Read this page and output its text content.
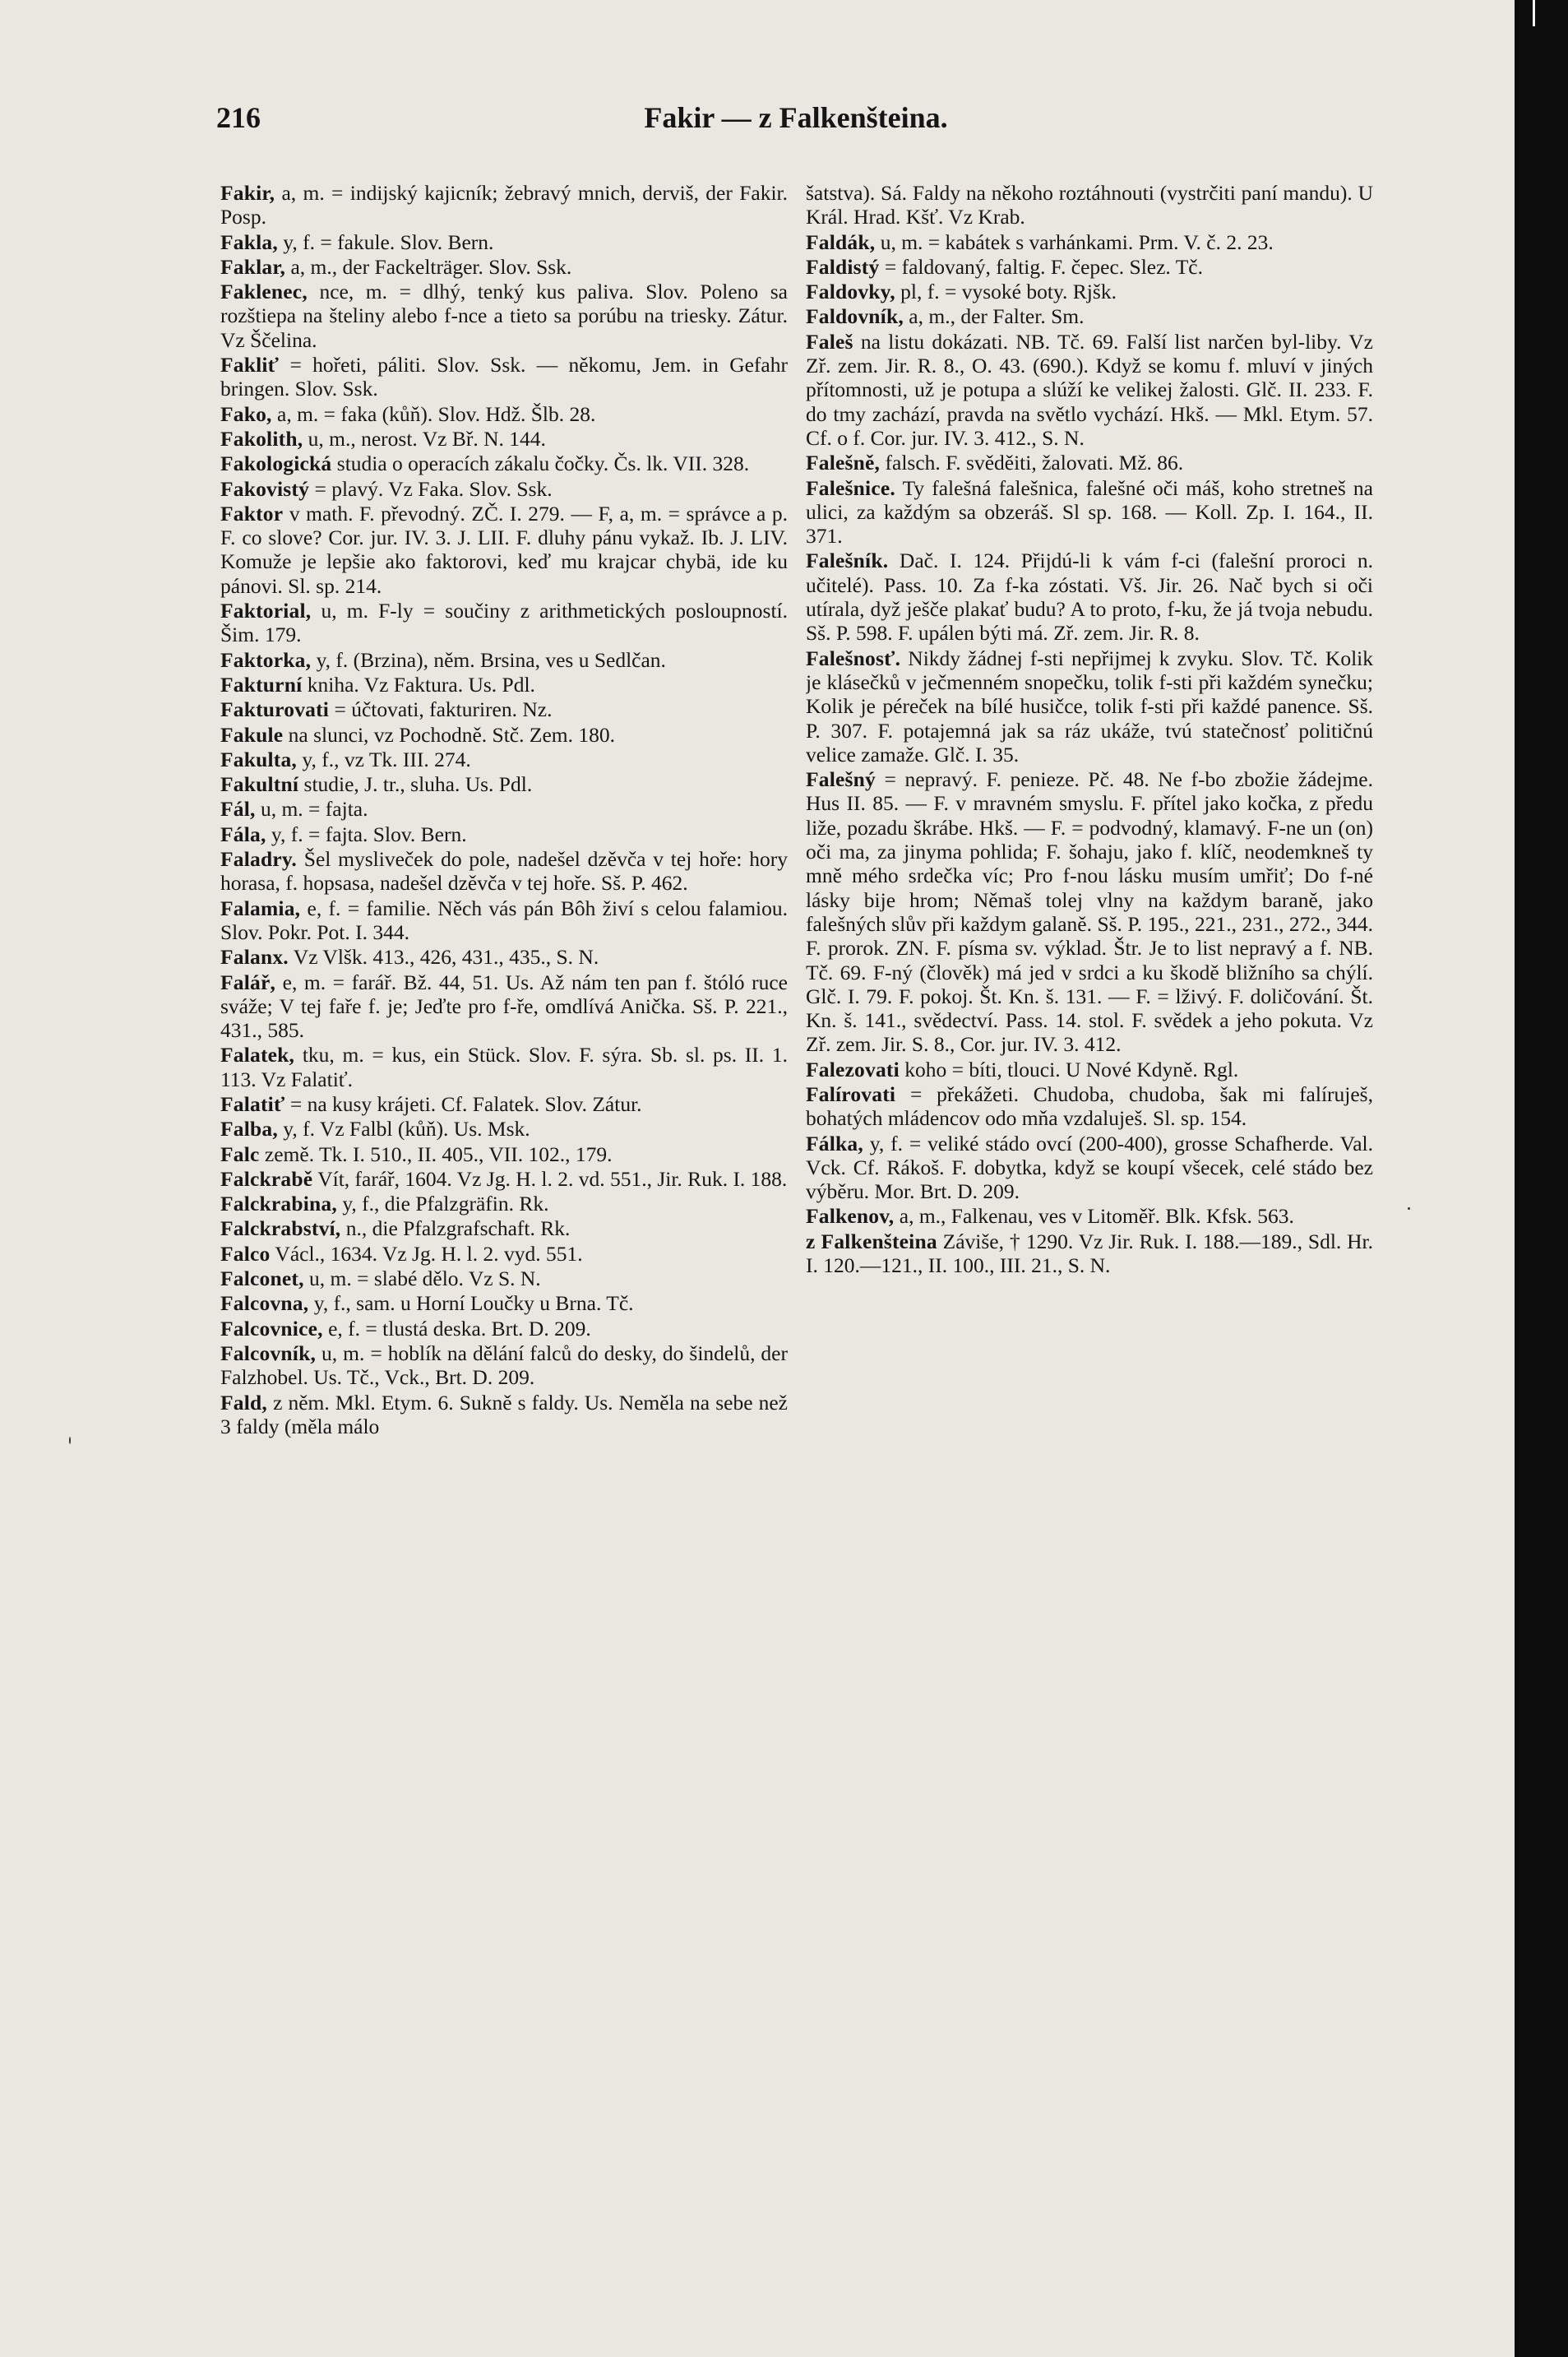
216	Fakir — z Falkenšteina.
Fakir, a, m. = indijský kajicník; žebravý mnich, derviš, der Fakir. Posp.
Fakla, y, f. = fakule. Slov. Bern.
Faklar, a, m., der Fackelträger. Slov. Ssk.
Faklenec, nce, m. = dlhý, tenký kus paliva. Slov. Poleno sa rozštiepa na šteliny alebo f-nce a tieto sa porúbu na triesky. Zátur. Vz Ščelina.
Fakliť = hořeti, páliti. Slov. Ssk. — někomu, Jem. in Gefahr bringen. Slov. Ssk.
Fako, a, m. = faka (kůň). Slov. Hdž. Šlb. 28.
Fakolith, u, m., nerost. Vz Bř. N. 144.
Fakologická studia o operacích zákalu čočky. Čs. lk. VII. 328.
Fakovistý = plavý. Vz Faka. Slov. Ssk.
Faktor v math. F. převodný. ZČ. I. 279. — F, a, m. = správce a p. F. co slove? Cor. jur. IV. 3. J. LII. F. dluhy pánu vykaž. Ib. J. LIV. Komuže je lepšie ako faktorovi, keď mu krajcar chybä, ide ku pánovi. Sl. sp. 214.
Faktorial, u, m. F-ly = součiny z arithmetických posloupností. Šim. 179.
Faktorka, y, f. (Brzina), něm. Brsina, ves u Sedlčan.
Fakturní kniha. Vz Faktura. Us. Pdl.
Fakturovati = účtovati, fakturiren. Nz.
Fakule na slunci, vz Pochodně. Stč. Zem. 180.
Fakulta, y, f., vz Tk. III. 274.
Fakultní studie, J. tr., sluha. Us. Pdl.
Fál, u, m. = fajta.
Fála, y, f. = fajta. Slov. Bern.
Faladry. Šel mysliveček do pole, nadešel dzěvča v tej hoře: hory horasa, f. hopsasa, nadešel dzěvča v tej hoře. Sš. P. 462.
Falamia, e, f. = familie. Něch vás pán Bôh živí s celou falamiou. Slov. Pokr. Pot. I. 344.
Falanx. Vz Vlšk. 413., 426, 431., 435., S. N.
Falář, e, m. = farář. Bž. 44, 51. Us. Až nám ten pan f. štóló ruce sváže; V tej faře f. je; Jeďte pro f-ře, omdlívá Anička. Sš. P. 221., 431., 585.
Falatek, tku, m. = kus, ein Stück. Slov. F. sýra. Sb. sl. ps. II. 1. 113. Vz Falatiť.
Falatiť = na kusy krájeti. Cf. Falatek. Slov. Zátur.
Falba, y, f. Vz Falbl (kůň). Us. Msk.
Falc země. Tk. I. 510., II. 405., VII. 102., 179.
Falckrabě Vít, farář, 1604. Vz Jg. H. l. 2. vd. 551., Jir. Ruk. I. 188.
Falckrabina, y, f., die Pfalzgräfin. Rk.
Falckrabství, n., die Pfalzgrafschaft. Rk.
Falco Václ., 1634. Vz Jg. H. l. 2. vyd. 551.
Falconet, u, m. = slabé dělo. Vz S. N.
Falcovna, y, f., sam. u Horní Loučky u Brna. Tč.
Falcovnice, e, f. = tlustá deska. Brt. D. 209.
Falcovník, u, m. = hoblík na dělání falců do desky, do šindelů, der Falzhobel. Us. Tč., Vck., Brt. D. 209.
Fald, z něm. Mkl. Etym. 6. Sukně s faldy. Us. Neměla na sebe než 3 faldy (měla málo
šatstva). Sá. Faldy na někoho roztáhnouti (vystrčiti paní mandu). U Král. Hrad. Kšť. Vz Krab.
Faldák, u, m. = kabátek s varhánkami. Prm. V. č. 2. 23.
Faldistý = faldovaný, faltig. F. čepec. Slez. Tč.
Faldovky, pl, f. = vysoké boty. Rjšk.
Faldovník, a, m., der Falter. Sm.
Faleš na listu dokázati. NB. Tč. 69. Falší list narčen byl-liby. Vz Zř. zem. Jir. R. 8., O. 43. (690.). Když se komu f. mluví v jiných přítomnosti, už je potupa a slúží ke velikej žalosti. Glč. II. 233. F. do tmy zachází, pravda na světlo vychází. Hkš. — Mkl. Etym. 57. Cf. o f. Cor. jur. IV. 3. 412., S. N.
Falešně, falsch. F. svěděiti, žalovati. Mž. 86.
Falešnice. Ty falešná falešnica, falešné oči máš, koho stretneš na ulici, za každým sa obzeráš. Sl sp. 168. — Koll. Zp. I. 164., II. 371.
Falešník. Dač. I. 124. Přijdú-li k vám f-ci (falešní proroci n. učitelé). Pass. 10. Za f-ka zóstati. Vš. Jir. 26. Nač bych si oči utírala, dyž ješče plakať budu? A to proto, f-ku, že já tvoja nebudu. Sš. P. 598. F. upálen býti má. Zř. zem. Jir. R. 8.
Falešnosť. Nikdy žádnej f-sti nepřijmej k zvyku. Slov. Tč. Kolik je klásečků v ječmenném snopečku, tolik f-sti při každém synečku; Kolik je péreček na bílé husičce, tolik f-sti při každé panence. Sš. P. 307. F. potajemná jak sa ráz ukáže, tvú statečnosť političnú velice zamaže. Glč. I. 35.
Falešný = nepravý. F. penieze. Pč. 48. Ne f-bo zbožie žádejme. Hus II. 85. — F. v mravném smyslu. F. přítel jako kočka, z předu liže, pozadu škrábe. Hkš. — F. = podvodný, klamavý. F-ne un (on) oči ma, za jinyma pohlida; F. šohaju, jako f. klíč, neodemkneš ty mně mého srdečka víc; Pro f-nou lásku musím umřiť; Do f-né lásky bije hrom; Němaš tolej vlny na každym baraně, jako falešných slův při každym galaně. Sš. P. 195., 221., 231., 272., 344. F. prorok. ZN. F. písma sv. výklad. Štr. Je to list nepravý a f. NB. Tč. 69. F-ný (člověk) má jed v srdci a ku škodě bližního sa chýlí. Glč. I. 79. F. pokoj. Št. Kn. š. 131. — F. = lživý. F. doličování. Št. Kn. š. 141., svědectví. Pass. 14. stol. F. svědek a jeho pokuta. Vz Zř. zem. Jir. S. 8., Cor. jur. IV. 3. 412.
Falezovati koho = bíti, tlouci. U Nové Kdyně. Rgl.
Falírovati = překážeti. Chudoba, chudoba, šak mi falíruješ, bohatých mládencov odo mňa vzdaluješ. Sl. sp. 154.
Fálka, y, f. = veliké stádo ovcí (200-400), grosse Schafherde. Val. Vck. Cf. Rákoš. F. dobytka, když se koupí všecek, celé stádo bez výběru. Mor. Brt. D. 209.
Falkenov, a, m., Falkenau, ves v Litoměř. Blk. Kfsk. 563.
z Falkenšteina Záviše, † 1290. Vz Jir. Ruk. I. 188.—189., Sdl. Hr. I. 120.—121., II. 100., III. 21., S. N.
